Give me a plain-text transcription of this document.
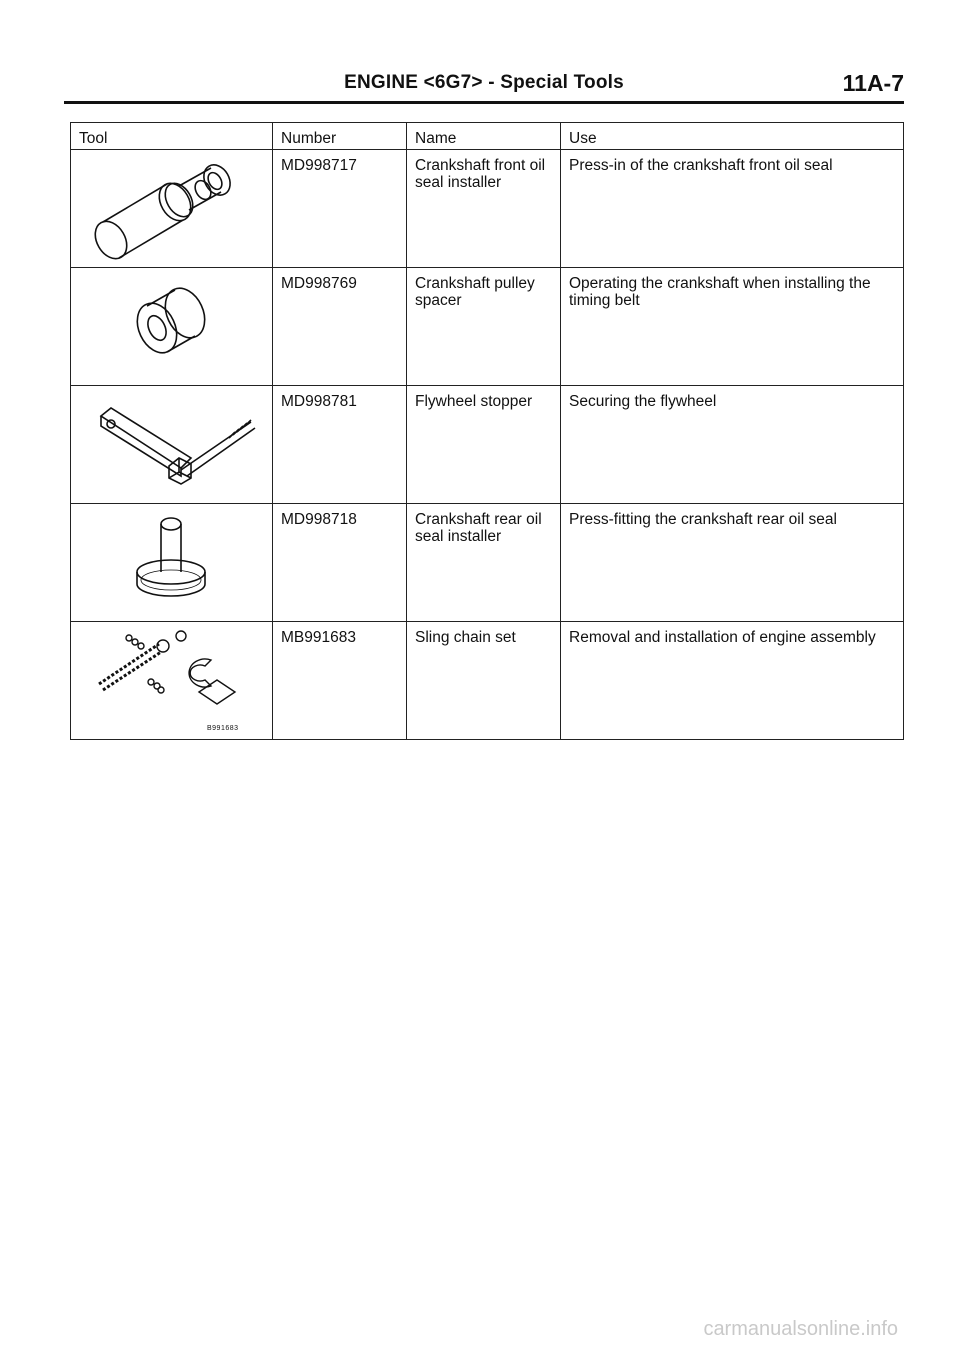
ENGINE <6G7> - Special Tools	11A-7
Tool	Number	Name	Use

	MD998717	Crankshaft front oil seal installer	Press-in of the crankshaft front oil seal

	MD998769	Crankshaft pulley spacer	Operating the crankshaft when installing the timing belt

	MD998781	Flywheel stopper	Securing the flywheel

	MD998718	Crankshaft rear oil seal installer	Press-fitting the crankshaft rear oil seal

B991683	MB991683	Sling chain set	Removal and installation of engine assembly
carmanualsonline.info
